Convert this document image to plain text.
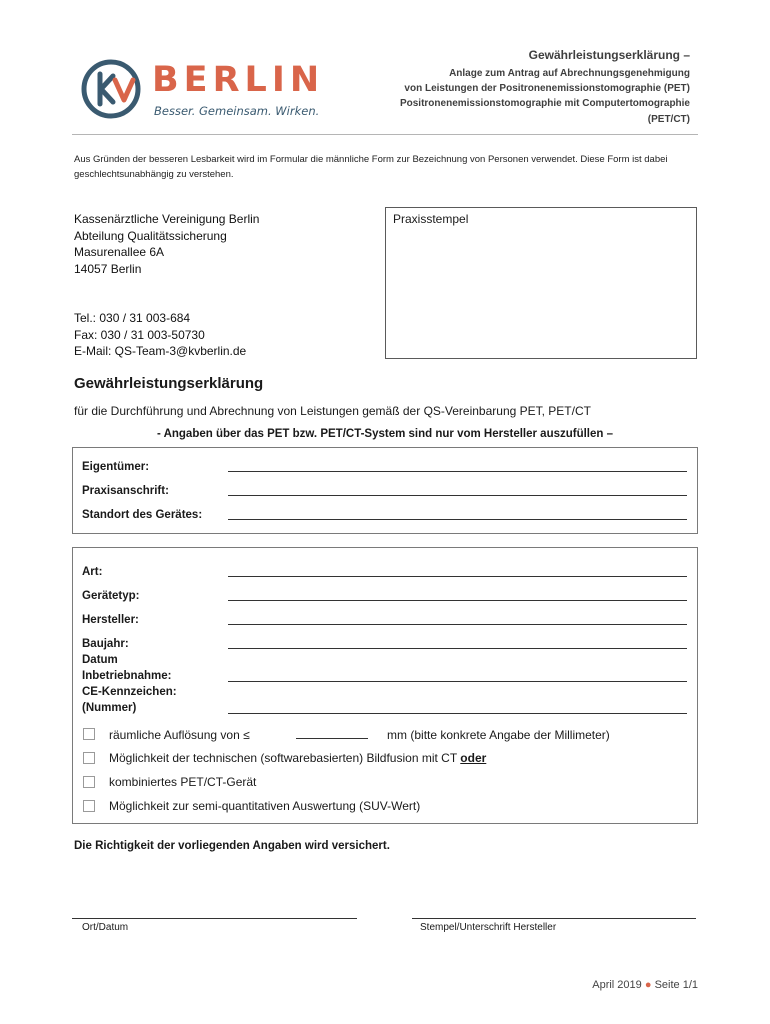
BERLIN
Besser. Gemeinsam. Wirken.
Gewährleistungserklärung –
Anlage zum Antrag auf Abrechnungsgenehmigung
von Leistungen der Positronenemissionstomographie (PET)
Positronenemissionstomographie mit Computertomographie
(PET/CT)
Aus Gründen der besseren Lesbarkeit wird im Formular die männliche Form zur Bezeichnung von Personen verwendet. Diese Form ist dabei geschlechtsunabhängig zu verstehen.
Kassenärztliche Vereinigung Berlin
Abteilung Qualitätssicherung
Masurenallee 6A
14057 Berlin
Tel.: 030 / 31 003-684
Fax: 030 / 31 003-50730
E-Mail: QS-Team-3@kvberlin.de
Praxisstempel
Gewährleistungserklärung
für die Durchführung und Abrechnung von Leistungen gemäß der QS-Vereinbarung PET, PET/CT
- Angaben über das PET bzw. PET/CT-System sind nur vom Hersteller auszufüllen –
Eigentümer:
Praxisanschrift:
Standort des Gerätes:
Art:
Gerätetyp:
Hersteller:
Baujahr:
Datum
Inbetriebnahme:
CE-Kennzeichen:
(Nummer)
räumliche Auflösung von ≤	mm (bitte konkrete Angabe der Millimeter)
Möglichkeit der technischen (softwarebasierten) Bildfusion mit CT oder
kombiniertes PET/CT-Gerät
Möglichkeit zur semi-quantitativen Auswertung (SUV-Wert)
Die Richtigkeit der vorliegenden Angaben wird versichert.
Ort/Datum	Stempel/Unterschrift Hersteller
April 2019 ● Seite 1/1
